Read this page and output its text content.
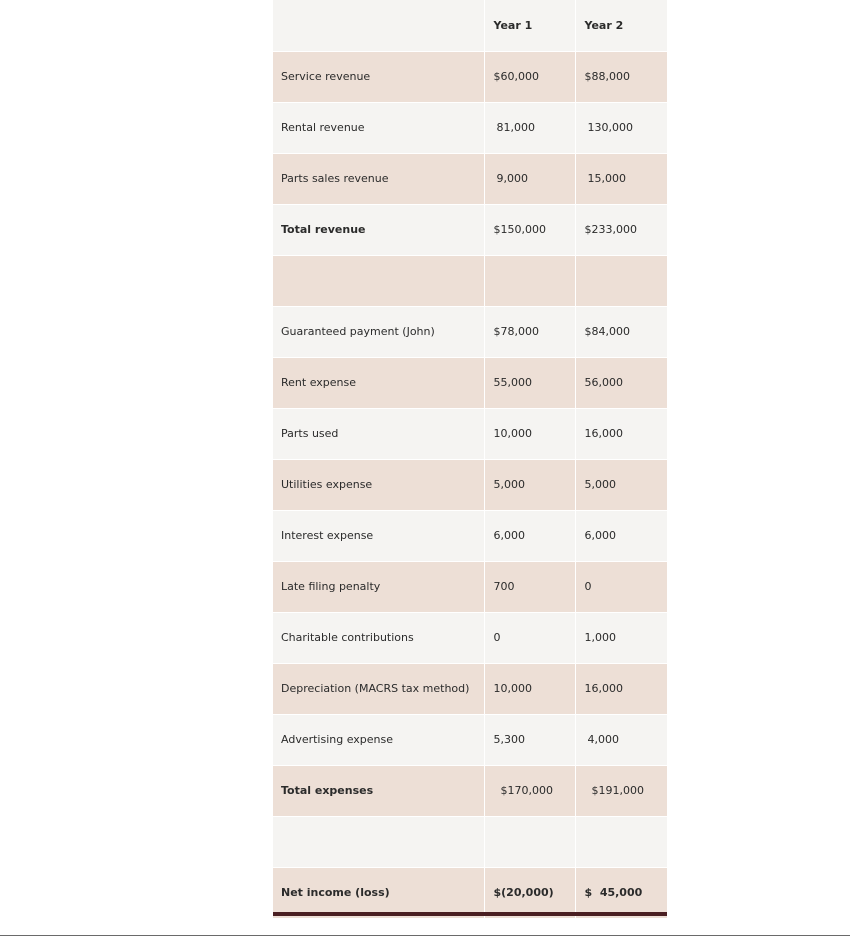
	Year 1	Year 2
Service revenue	$60,000	$88,000
Rental revenue	81,000	130,000
Parts sales revenue	9,000	15,000
Total revenue	$150,000	$233,000

Guaranteed payment (John)	$78,000	$84,000
Rent expense	55,000	56,000
Parts used	10,000	16,000
Utilities expense	5,000	5,000
Interest expense	6,000	6,000
Late filing penalty	700	0
Charitable contributions	0	1,000
Depreciation (MACRS tax method)	10,000	16,000
Advertising expense	5,300	4,000
Total expenses	$170,000	$191,000

Net income (loss)	$(20,000)	$  45,000
